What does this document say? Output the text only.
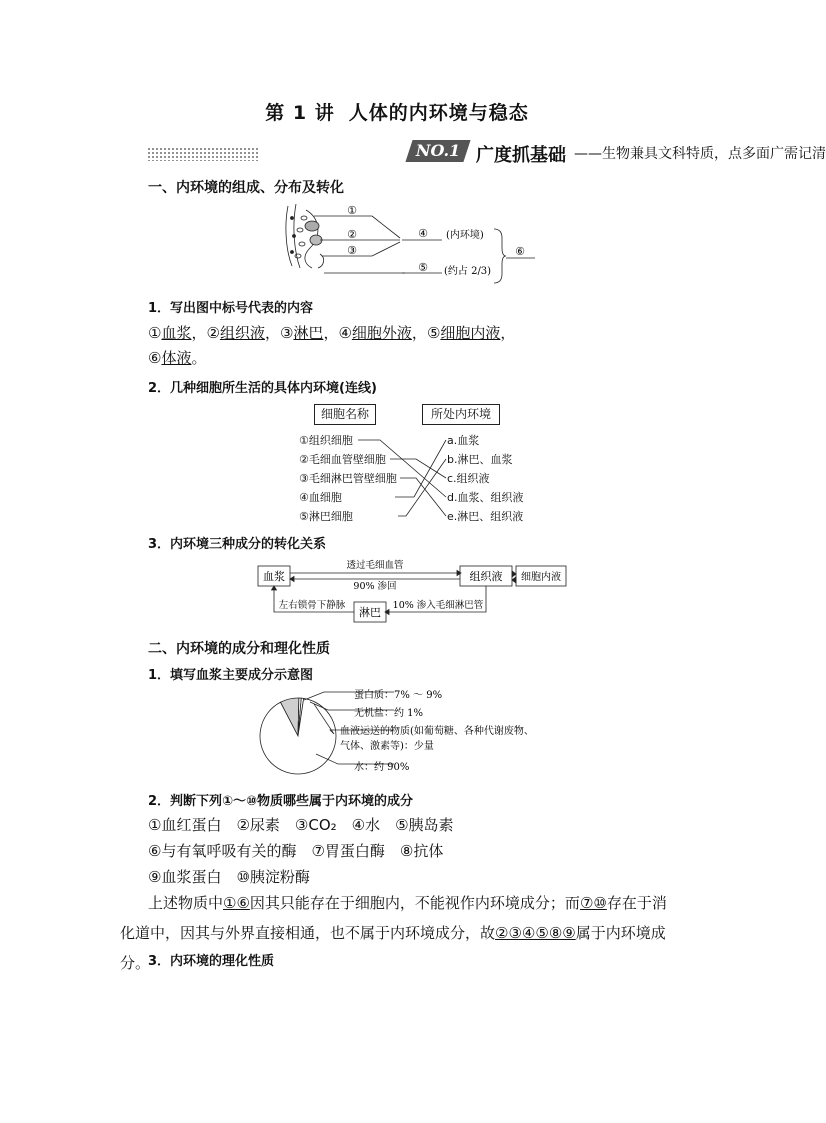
第 1 讲 人体的内环境与稳态
NO.1 广度抓基础 ——生物兼具文科特质，点多面广需记清
一、内环境的组成、分布及转化
①
②
③
④ (内环境)
⑤ (约占 2/3)
⑥
1．写出图中标号代表的内容
①血浆，②组织液，③淋巴，④细胞外液，⑤细胞内液，
⑥体液。
2．几种细胞所生活的具体内环境(连线)
细胞名称	所处内环境
①组织细胞
②毛细血管壁细胞
③毛细淋巴管壁细胞
④血细胞
⑤淋巴细胞
a.血浆
b.淋巴、血浆
c.组织液
d.血浆、组织液
e.淋巴、组织液
3．内环境三种成分的转化关系
血浆	组织液 细胞内液
淋巴
透过毛细血管
90% 渗回
左右锁骨下静脉	10% 渗入毛细淋巴管
二、内环境的成分和理化性质
1．填写血浆主要成分示意图
蛋白质：7% ～ 9%
无机盐：约 1%
血液运送的物质(如葡萄糖、各种代谢废物、
气体、激素等)：少量
水：约 90%
2．判断下列①～⑩物质哪些属于内环境的成分
①血红蛋白　②尿素　③CO₂　④水　⑤胰岛素
⑥与有氧呼吸有关的酶　⑦胃蛋白酶　⑧抗体
⑨血浆蛋白　⑩胰淀粉酶
上述物质中①⑥因其只能存在于细胞内，不能视作内环境成分；而⑦⑩存在于消化道中，因其与外界直接相通，也不属于内环境成分，故②③④⑤⑧⑨属于内环境成分。
3．内环境的理化性质
